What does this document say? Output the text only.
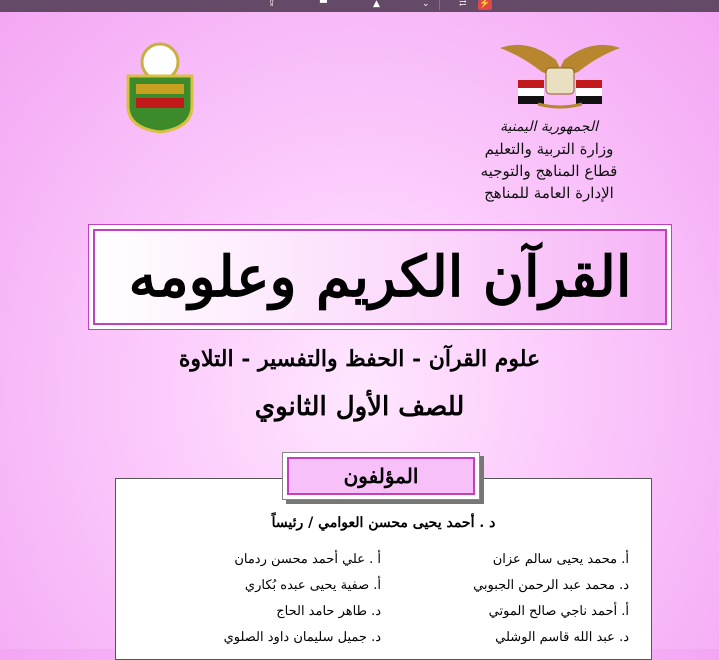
⇪	▀	▲	⌄	⇄ ⚡
الجمهورية اليمنية
وزارة التربية والتعليم
قطاع المناهج والتوجيه
الإدارة العامة للمناهج
القرآن الكريم وعلومه
علوم القرآن - الحفظ والتفسير - التلاوة
للصف الأول الثانوي
د . أحمد يحيى محسن العوامي / رئيساً
أ. محمد يحيى سالم عزان
د. محمد عبد الرحمن الجبوبي
أ. أحمد ناجي صالح الموتي
د. عبد الله قاسم الوشلي
أ . علي أحمد محسن ردمان
أ. صفية يحيى عبده بُكاري
د. طاهر حامد الحاج
د. جميل سليمان داود الصلوي
المؤلفون
